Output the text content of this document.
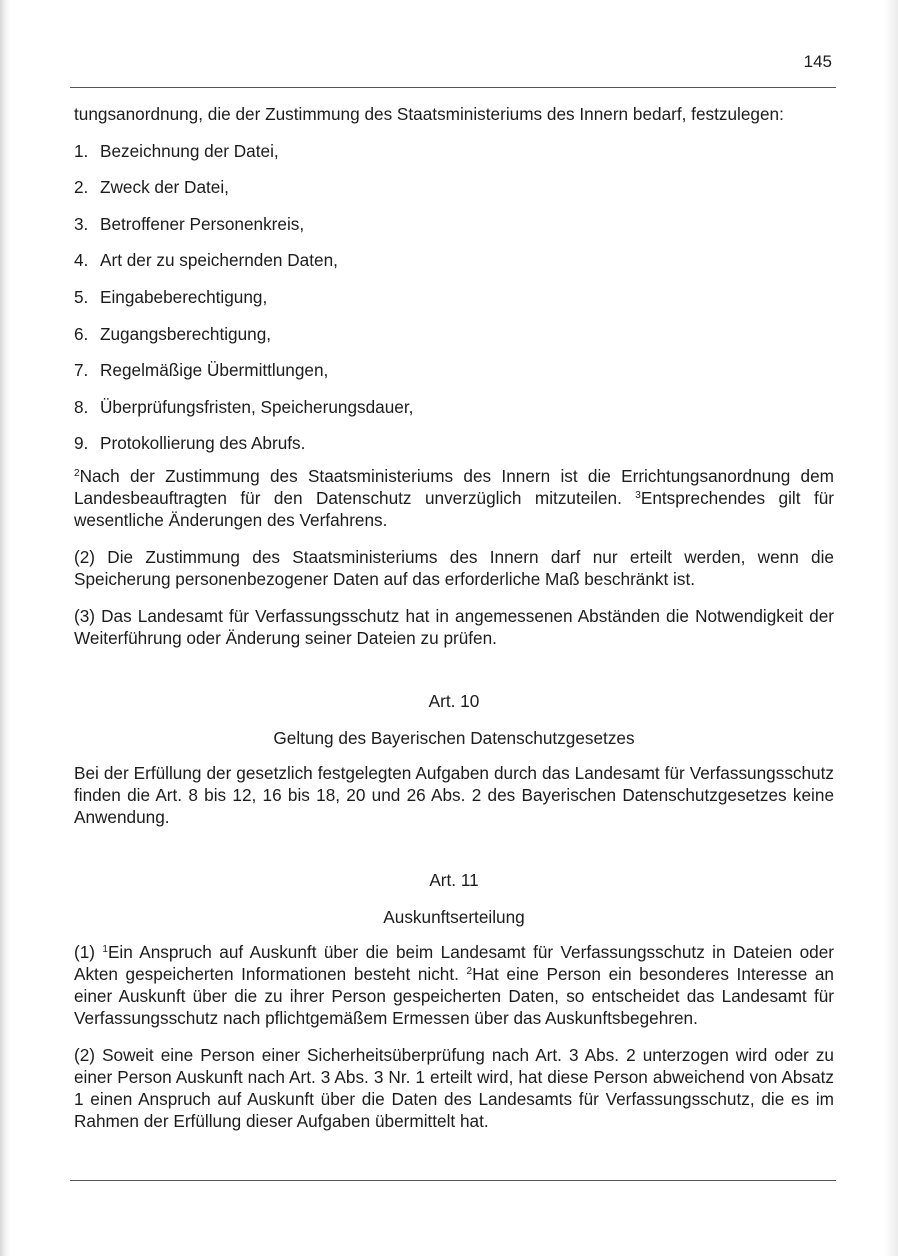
145

tungsanordnung, die der Zustimmung des Staatsministeriums des Innern bedarf, festzulegen:

1. Bezeichnung der Datei,
2. Zweck der Datei,
3. Betroffener Personenkreis,
4. Art der zu speichernden Daten,
5. Eingabeberechtigung,
6. Zugangsberechtigung,
7. Regelmäßige Übermittlungen,
8. Überprüfungsfristen, Speicherungsdauer,
9. Protokollierung des Abrufs.

$^2$Nach der Zustimmung des Staatsministeriums des Innern ist die Errichtungsanordnung dem Landesbeauftragten für den Datenschutz unverzüglich mitzuteilen. $^3$Entsprechendes gilt für wesentliche Änderungen des Verfahrens.

(2) Die Zustimmung des Staatsministeriums des Innern darf nur erteilt werden, wenn die Speicherung personenbezogener Daten auf das erforderliche Maß beschränkt ist.

(3) Das Landesamt für Verfassungsschutz hat in angemessenen Abständen die Notwendigkeit der Weiterführung oder Änderung seiner Dateien zu prüfen.

Art. 10

Geltung des Bayerischen Datenschutzgesetzes

Bei der Erfüllung der gesetzlich festgelegten Aufgaben durch das Landesamt für Verfassungsschutz finden die Art. 8 bis 12, 16 bis 18, 20 und 26 Abs. 2 des Bayerischen Datenschutzgesetzes keine Anwendung.

Art. 11

Auskunftserteilung

(1) $^1$Ein Anspruch auf Auskunft über die beim Landesamt für Verfassungsschutz in Dateien oder Akten gespeicherten Informationen besteht nicht. $^2$Hat eine Person ein besonderes Interesse an einer Auskunft über die zu ihrer Person gespeicherten Daten, so entscheidet das Landesamt für Verfassungsschutz nach pflichtgemäßem Ermessen über das Auskunftsbegehren.

(2) Soweit eine Person einer Sicherheitsüberprüfung nach Art. 3 Abs. 2 unterzogen wird oder zu einer Person Auskunft nach Art. 3 Abs. 3 Nr. 1 erteilt wird, hat diese Person abweichend von Absatz 1 einen Anspruch auf Auskunft über die Daten des Landesamts für Verfassungsschutz, die es im Rahmen der Erfüllung dieser Aufgaben übermittelt hat.
